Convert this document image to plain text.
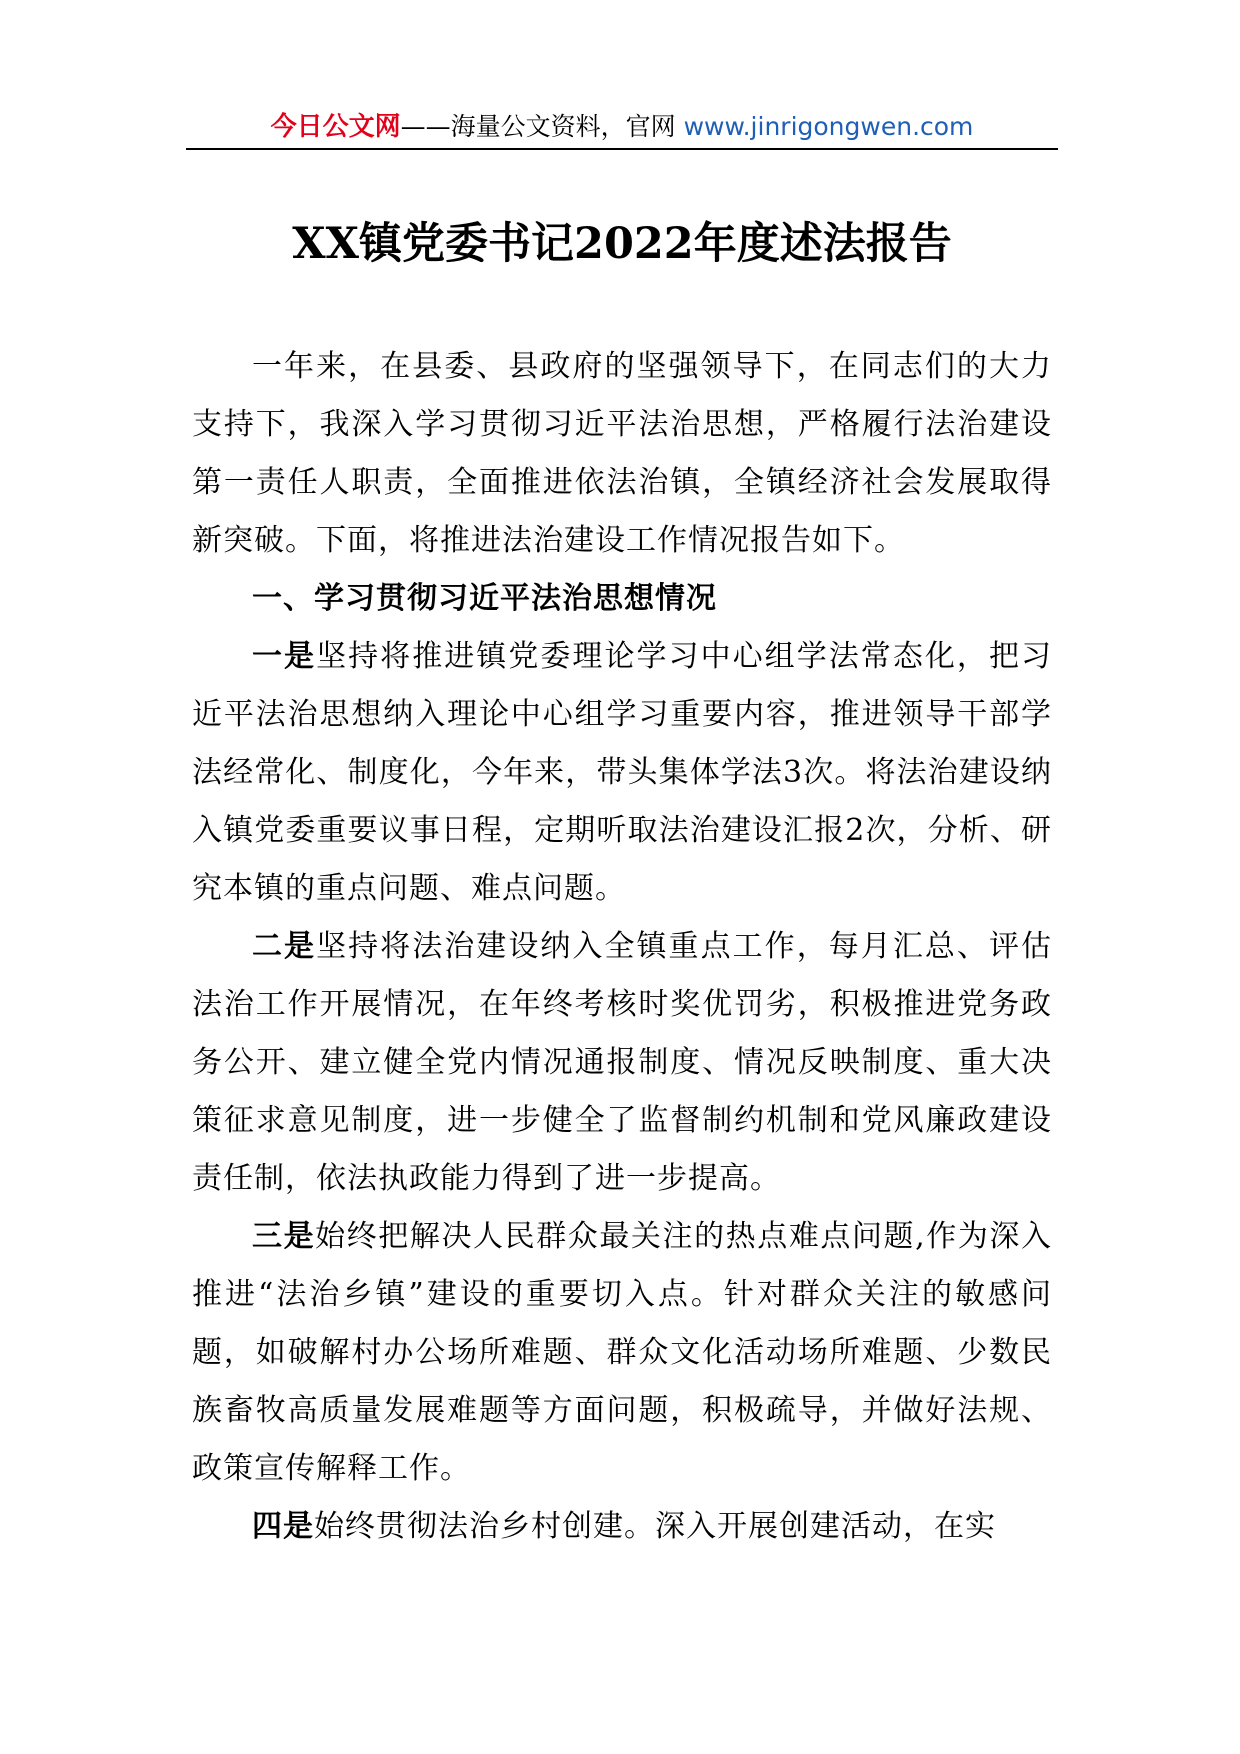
今日公文网——海量公文资料，官网 www.jinrigongwen.com
XX镇党委书记2022年度述法报告

一年来，在县委、县政府的坚强领导下，在同志们的大力支持下，我深入学习贯彻习近平法治思想，严格履行法治建设第一责任人职责，全面推进依法治镇，全镇经济社会发展取得新突破。下面，将推进法治建设工作情况报告如下。

一、学习贯彻习近平法治思想情况

一是坚持将推进镇党委理论学习中心组学法常态化，把习近平法治思想纳入理论中心组学习重要内容，推进领导干部学法经常化、制度化，今年来，带头集体学法3次。将法治建设纳入镇党委重要议事日程，定期听取法治建设汇报2次，分析、研究本镇的重点问题、难点问题。

二是坚持将法治建设纳入全镇重点工作，每月汇总、评估法治工作开展情况，在年终考核时奖优罚劣，积极推进党务政务公开、建立健全党内情况通报制度、情况反映制度、重大决策征求意见制度，进一步健全了监督制约机制和党风廉政建设责任制，依法执政能力得到了进一步提高。

三是始终把解决人民群众最关注的热点难点问题,作为深入推进“法治乡镇”建设的重要切入点。针对群众关注的敏感问题，如破解村办公场所难题、群众文化活动场所难题、少数民族畜牧高质量发展难题等方面问题，积极疏导，并做好法规、政策宣传解释工作。

四是始终贯彻法治乡村创建。深入开展创建活动，在实
